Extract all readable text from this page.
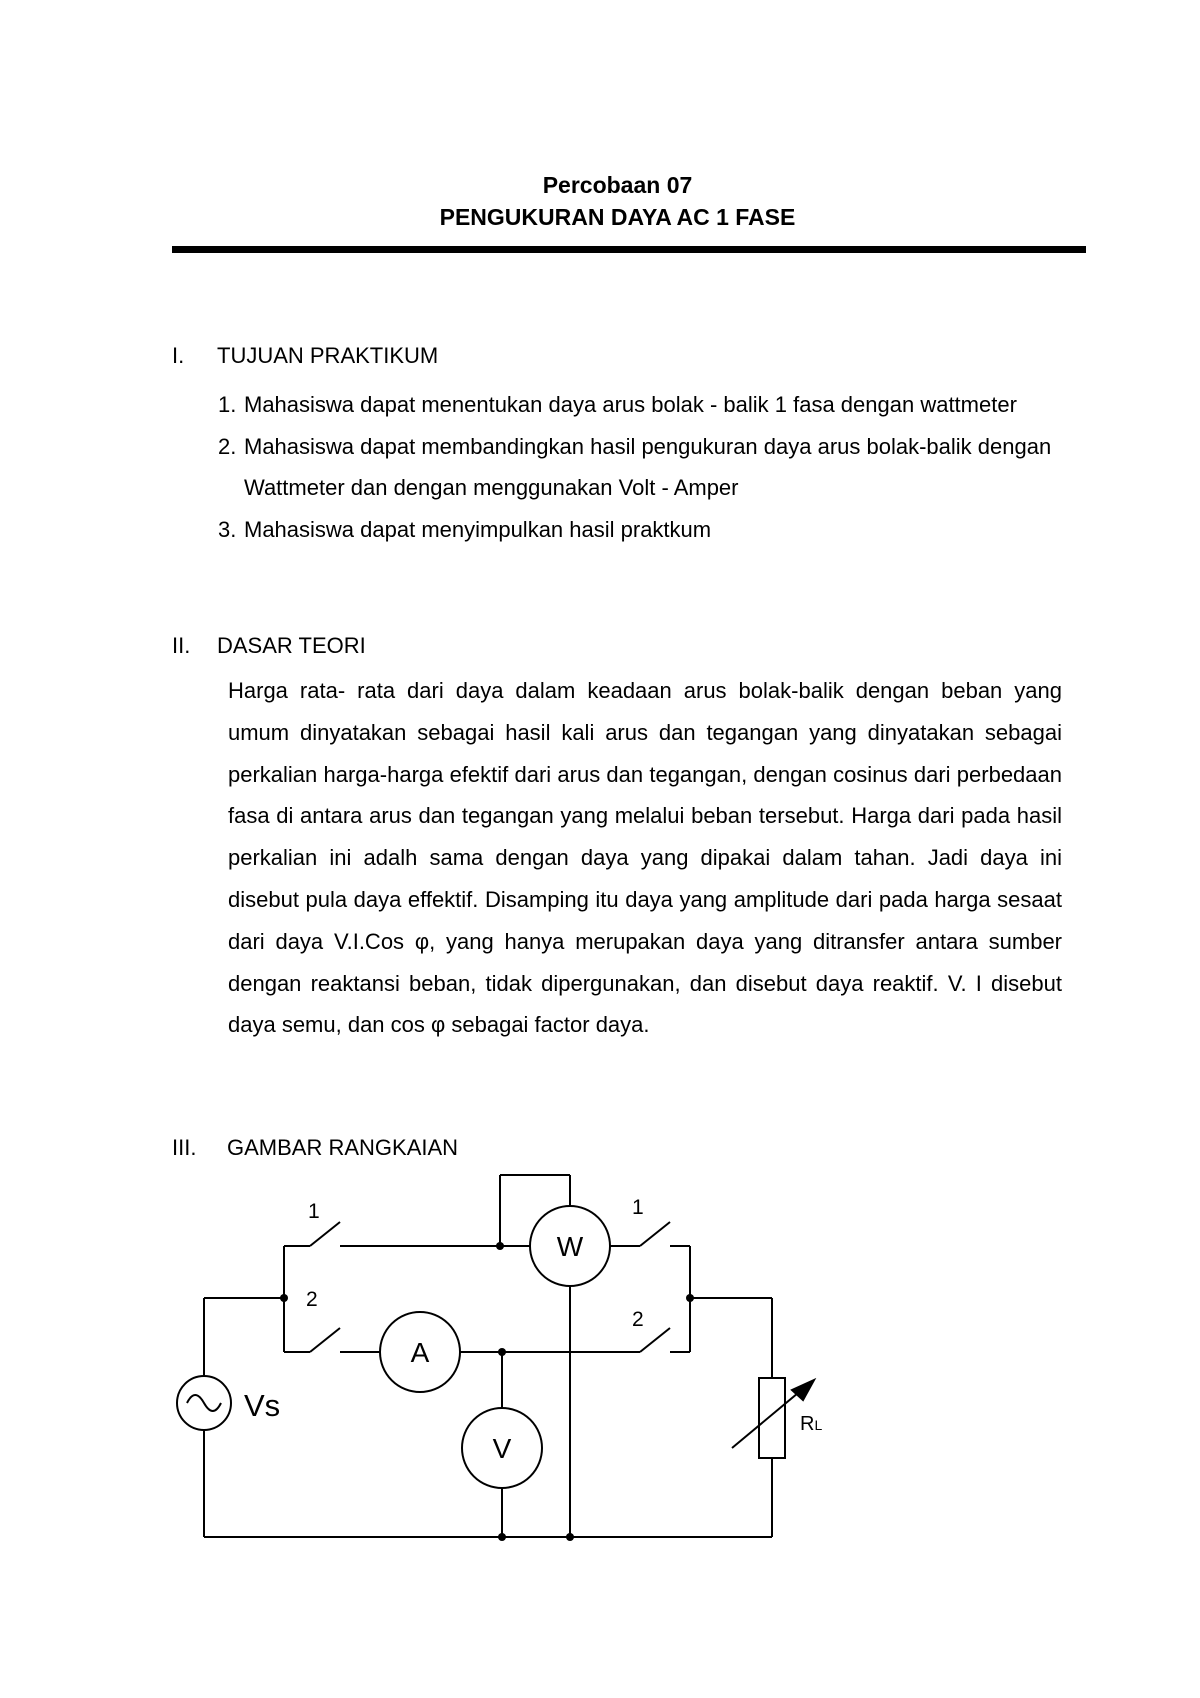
Percobaan 07
PENGUKURAN DAYA AC 1 FASE
I. TUJUAN PRAKTIKUM
1. Mahasiswa dapat menentukan daya arus bolak - balik 1 fasa dengan wattmeter
2. Mahasiswa dapat membandingkan hasil pengukuran daya arus bolak-balik dengan Wattmeter dan dengan menggunakan Volt - Amper
3. Mahasiswa dapat menyimpulkan hasil praktkum
II. DASAR TEORI

Harga rata- rata dari daya dalam keadaan arus bolak-balik dengan beban yang umum dinyatakan sebagai hasil kali arus dan tegangan yang dinyatakan sebagai perkalian harga-harga efektif dari arus dan tegangan, dengan cosinus dari perbedaan fasa di antara arus dan tegangan yang melalui beban tersebut. Harga dari pada hasil perkalian ini adalh sama dengan daya yang dipakai dalam tahan. Jadi daya ini disebut pula daya effektif. Disamping itu daya yang amplitude dari pada harga sesaat dari daya V.I.Cos φ, yang hanya merupakan daya yang ditransfer antara sumber dengan reaktansi beban, tidak dipergunakan, dan disebut daya reaktif. V. I disebut daya semu, dan cos φ sebagai factor daya.

III. GAMBAR RANGKAIAN
1
2
1
2
W
A
V
Vs
RL
